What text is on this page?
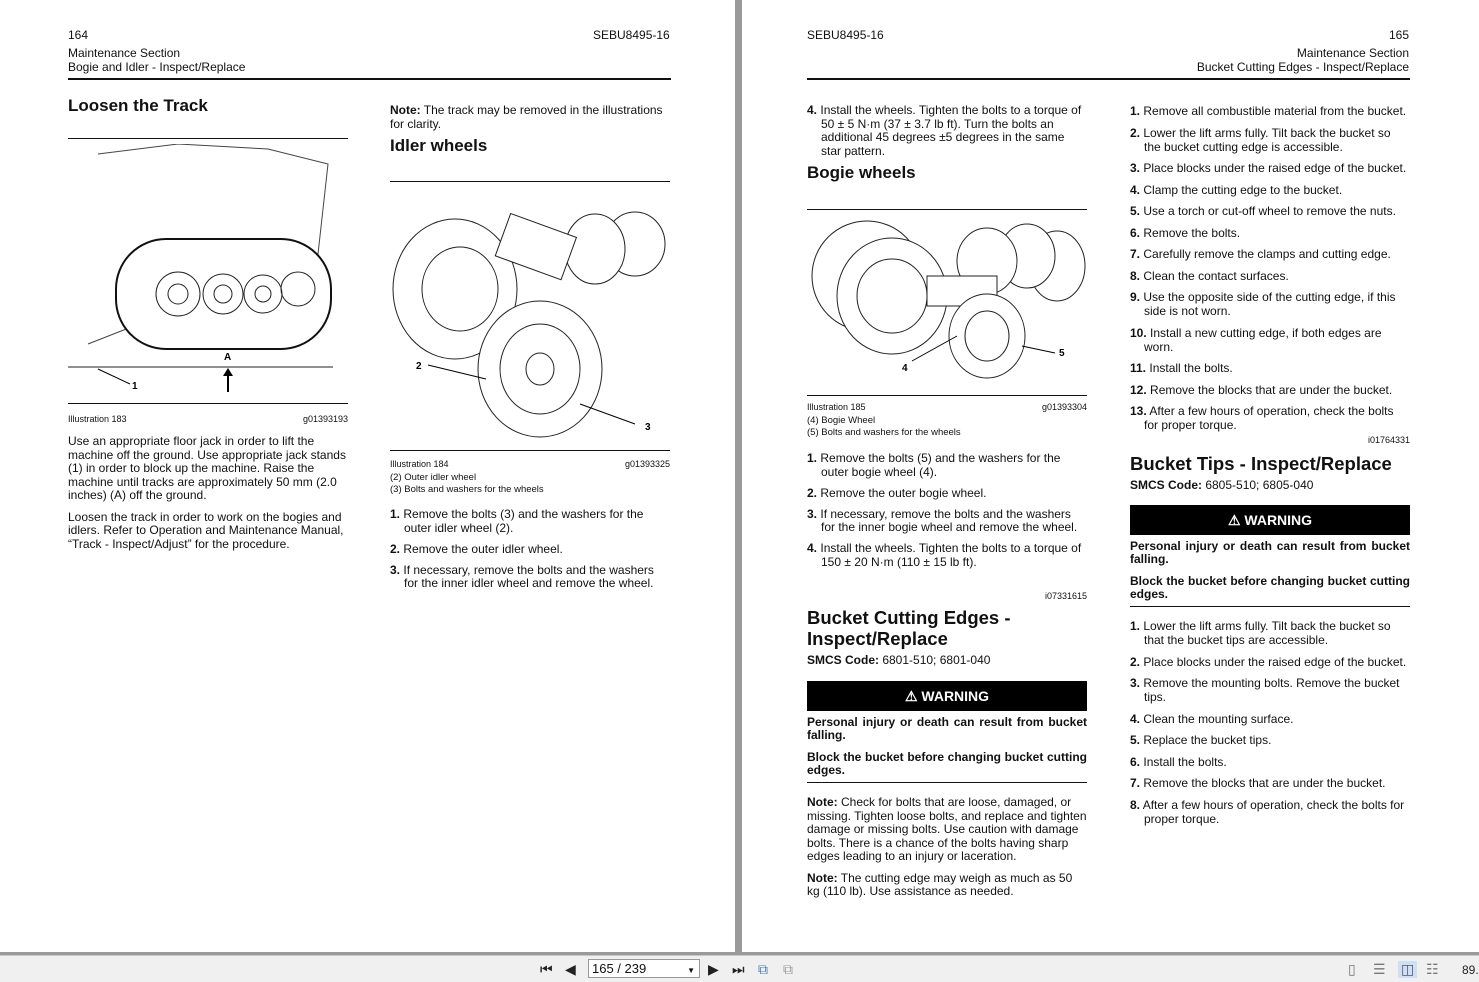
164
Maintenance Section
Bogie and Idler - Inspect/Replace
SEBU8495-16
Loosen the Track
1
A
Illustration 183	g01393193

Use an appropriate floor jack in order to lift the machine off the ground. Use appropriate jack stands (1) in order to block up the machine. Raise the machine until tracks are approximately 50 mm (2.0 inches) (A) off the ground.

Loosen the track in order to work on the bogies and idlers. Refer to Operation and Maintenance Manual, “Track - Inspect/Adjust” for the procedure.

Note: The track may be removed in the illustrations for clarity.

Idler wheels
2
3
Illustration 184	g01393325
(2) Outer idler wheel
(3) Bolts and washers for the wheels
1. Remove the bolts (3) and the washers for the outer idler wheel (2).
2. Remove the outer idler wheel.
3. If necessary, remove the bolts and the washers for the inner idler wheel and remove the wheel.
SEBU8495-16	165
Maintenance Section
Bucket Cutting Edges - Inspect/Replace
4. Install the wheels. Tighten the bolts to a torque of 50 ± 5 N·m (37 ± 3.7 lb ft). Turn the bolts an additional 45 degrees ±5 degrees in the same star pattern.
Bogie wheels
4
5
Illustration 185	g01393304
(4) Bogie Wheel
(5) Bolts and washers for the wheels
1. Remove the bolts (5) and the washers for the outer bogie wheel (4).
2. Remove the outer bogie wheel.
3. If necessary, remove the bolts and the washers for the inner bogie wheel and remove the wheel.
4. Install the wheels. Tighten the bolts to a torque of 150 ± 20 N·m (110 ± 15 lb ft).
i07331615
Bucket Cutting Edges - Inspect/Replace
SMCS Code: 6801-510; 6801-040
⚠ WARNING
Personal injury or death can result from bucket falling.
Block the bucket before changing bucket cutting edges.

Note: Check for bolts that are loose, damaged, or missing. Tighten loose bolts, and replace and tighten damage or missing bolts. Use caution with damage bolts. There is a chance of the bolts having sharp edges leading to an injury or laceration.

Note: The cutting edge may weigh as much as 50 kg (110 lb). Use assistance as needed.

1. Remove all combustible material from the bucket.
2. Lower the lift arms fully. Tilt back the bucket so the bucket cutting edge is accessible.
3. Place blocks under the raised edge of the bucket.
4. Clamp the cutting edge to the bucket.
5. Use a torch or cut-off wheel to remove the nuts.
6. Remove the bolts.
7. Carefully remove the clamps and cutting edge.
8. Clean the contact surfaces.
9. Use the opposite side of the cutting edge, if this side is not worn.
10. Install a new cutting edge, if both edges are worn.
11. Install the bolts.
12. Remove the blocks that are under the bucket.
13. After a few hours of operation, check the bolts for proper torque.
i01764331
Bucket Tips - Inspect/Replace
SMCS Code: 6805-510; 6805-040
⚠ WARNING
Personal injury or death can result from bucket falling.
Block the bucket before changing bucket cutting edges.
1. Lower the lift arms fully. Tilt back the bucket so that the bucket tips are accessible.
2. Place blocks under the raised edge of the bucket.
3. Remove the mounting bolts. Remove the bucket tips.
4. Clean the mounting surface.
5. Replace the bucket tips.
6. Install the bolts.
7. Remove the blocks that are under the bucket.
8. After a few hours of operation, check the bolts for proper torque.
⏮ ◀	165 / 239	▼ ▶ ⏭ ⧉ ⧉	▯ ☰ ◫ ☷ 89.
